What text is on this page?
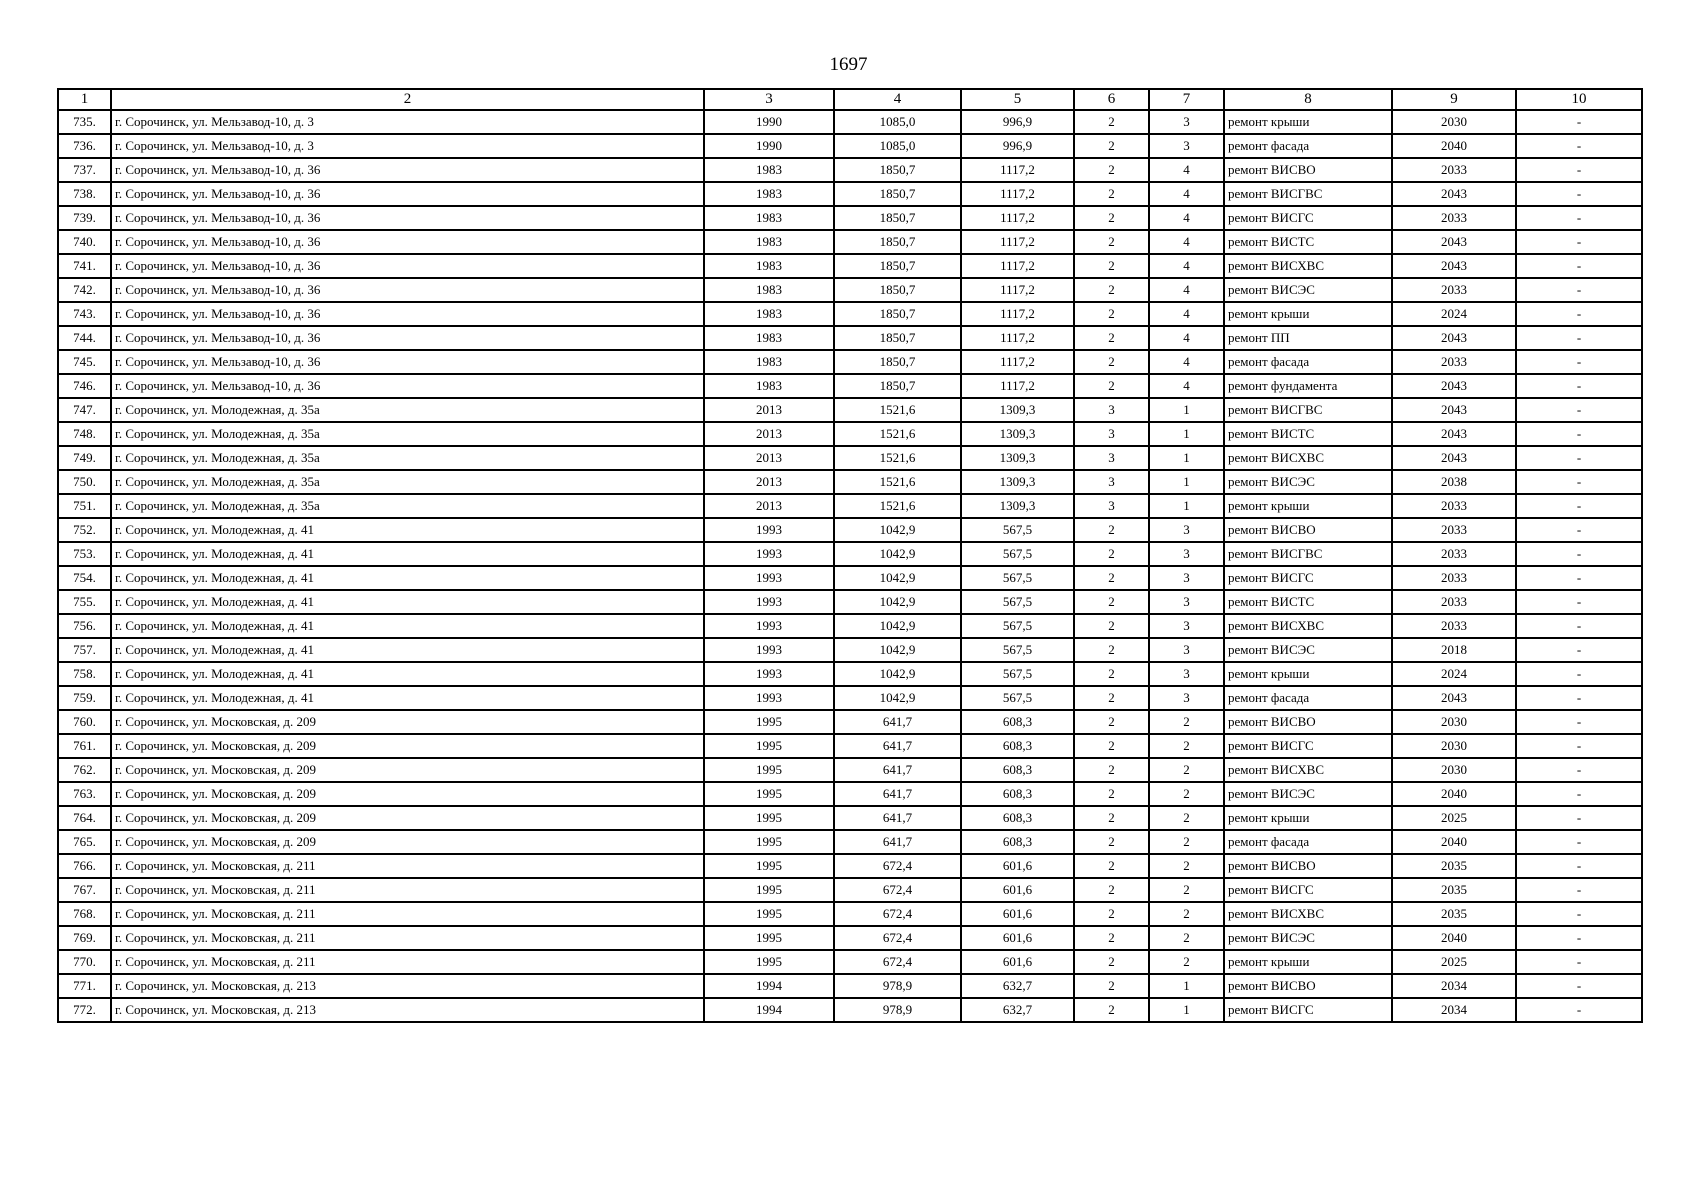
1697
1	2	3	4	5	6	7	8	9	10
735.	г. Сорочинск, ул. Мельзавод-10, д. 3	1990	1085,0	996,9	2	3	ремонт крыши	2030	-
736.	г. Сорочинск, ул. Мельзавод-10, д. 3	1990	1085,0	996,9	2	3	ремонт фасада	2040	-
737.	г. Сорочинск, ул. Мельзавод-10, д. 36	1983	1850,7	1117,2	2	4	ремонт ВИСВО	2033	-
738.	г. Сорочинск, ул. Мельзавод-10, д. 36	1983	1850,7	1117,2	2	4	ремонт ВИСГВС	2043	-
739.	г. Сорочинск, ул. Мельзавод-10, д. 36	1983	1850,7	1117,2	2	4	ремонт ВИСГС	2033	-
740.	г. Сорочинск, ул. Мельзавод-10, д. 36	1983	1850,7	1117,2	2	4	ремонт ВИСТС	2043	-
741.	г. Сорочинск, ул. Мельзавод-10, д. 36	1983	1850,7	1117,2	2	4	ремонт ВИСХВС	2043	-
742.	г. Сорочинск, ул. Мельзавод-10, д. 36	1983	1850,7	1117,2	2	4	ремонт ВИСЭС	2033	-
743.	г. Сорочинск, ул. Мельзавод-10, д. 36	1983	1850,7	1117,2	2	4	ремонт крыши	2024	-
744.	г. Сорочинск, ул. Мельзавод-10, д. 36	1983	1850,7	1117,2	2	4	ремонт ПП	2043	-
745.	г. Сорочинск, ул. Мельзавод-10, д. 36	1983	1850,7	1117,2	2	4	ремонт фасада	2033	-
746.	г. Сорочинск, ул. Мельзавод-10, д. 36	1983	1850,7	1117,2	2	4	ремонт фундамента	2043	-
747.	г. Сорочинск, ул. Молодежная, д. 35а	2013	1521,6	1309,3	3	1	ремонт ВИСГВС	2043	-
748.	г. Сорочинск, ул. Молодежная, д. 35а	2013	1521,6	1309,3	3	1	ремонт ВИСТС	2043	-
749.	г. Сорочинск, ул. Молодежная, д. 35а	2013	1521,6	1309,3	3	1	ремонт ВИСХВС	2043	-
750.	г. Сорочинск, ул. Молодежная, д. 35а	2013	1521,6	1309,3	3	1	ремонт ВИСЭС	2038	-
751.	г. Сорочинск, ул. Молодежная, д. 35а	2013	1521,6	1309,3	3	1	ремонт крыши	2033	-
752.	г. Сорочинск, ул. Молодежная, д. 41	1993	1042,9	567,5	2	3	ремонт ВИСВО	2033	-
753.	г. Сорочинск, ул. Молодежная, д. 41	1993	1042,9	567,5	2	3	ремонт ВИСГВС	2033	-
754.	г. Сорочинск, ул. Молодежная, д. 41	1993	1042,9	567,5	2	3	ремонт ВИСГС	2033	-
755.	г. Сорочинск, ул. Молодежная, д. 41	1993	1042,9	567,5	2	3	ремонт ВИСТС	2033	-
756.	г. Сорочинск, ул. Молодежная, д. 41	1993	1042,9	567,5	2	3	ремонт ВИСХВС	2033	-
757.	г. Сорочинск, ул. Молодежная, д. 41	1993	1042,9	567,5	2	3	ремонт ВИСЭС	2018	-
758.	г. Сорочинск, ул. Молодежная, д. 41	1993	1042,9	567,5	2	3	ремонт крыши	2024	-
759.	г. Сорочинск, ул. Молодежная, д. 41	1993	1042,9	567,5	2	3	ремонт фасада	2043	-
760.	г. Сорочинск, ул. Московская, д. 209	1995	641,7	608,3	2	2	ремонт ВИСВО	2030	-
761.	г. Сорочинск, ул. Московская, д. 209	1995	641,7	608,3	2	2	ремонт ВИСГС	2030	-
762.	г. Сорочинск, ул. Московская, д. 209	1995	641,7	608,3	2	2	ремонт ВИСХВС	2030	-
763.	г. Сорочинск, ул. Московская, д. 209	1995	641,7	608,3	2	2	ремонт ВИСЭС	2040	-
764.	г. Сорочинск, ул. Московская, д. 209	1995	641,7	608,3	2	2	ремонт крыши	2025	-
765.	г. Сорочинск, ул. Московская, д. 209	1995	641,7	608,3	2	2	ремонт фасада	2040	-
766.	г. Сорочинск, ул. Московская, д. 211	1995	672,4	601,6	2	2	ремонт ВИСВО	2035	-
767.	г. Сорочинск, ул. Московская, д. 211	1995	672,4	601,6	2	2	ремонт ВИСГС	2035	-
768.	г. Сорочинск, ул. Московская, д. 211	1995	672,4	601,6	2	2	ремонт ВИСХВС	2035	-
769.	г. Сорочинск, ул. Московская, д. 211	1995	672,4	601,6	2	2	ремонт ВИСЭС	2040	-
770.	г. Сорочинск, ул. Московская, д. 211	1995	672,4	601,6	2	2	ремонт крыши	2025	-
771.	г. Сорочинск, ул. Московская, д. 213	1994	978,9	632,7	2	1	ремонт ВИСВО	2034	-
772.	г. Сорочинск, ул. Московская, д. 213	1994	978,9	632,7	2	1	ремонт ВИСГС	2034	-
